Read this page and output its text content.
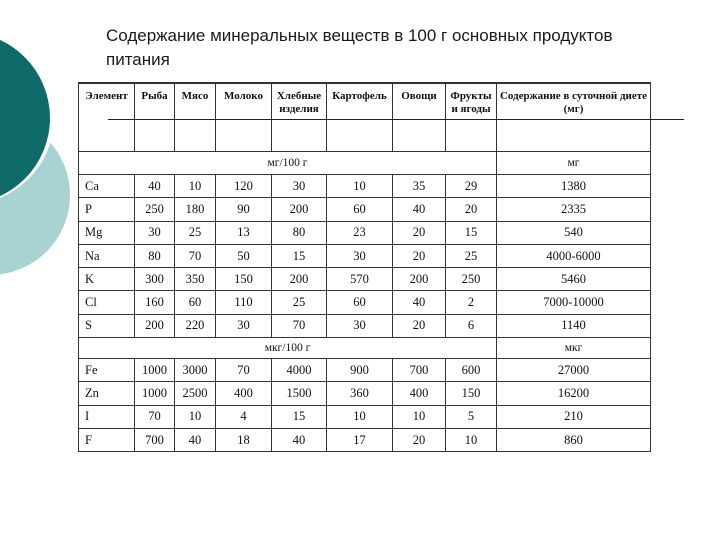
Содержание минеральных веществ в 100 г основных продуктов питания
Элемент	Рыба	Мясо	Молоко	Хлебные изделия	Картофель	Овощи	Фрукты и ягоды	Содержание в суточной диете (мг)
мг/100 г								мг
Ca	40	10	120	30	10	35	29	1380
P	250	180	90	200	60	40	20	2335
Mg	30	25	13	80	23	20	15	540
Na	80	70	50	15	30	20	25	4000-6000
K	300	350	150	200	570	200	250	5460
Cl	160	60	110	25	60	40	2	7000-10000
S	200	220	30	70	30	20	6	1140
мкг/100 г								мкг
Fe	1000	3000	70	4000	900	700	600	27000
Zn	1000	2500	400	1500	360	400	150	16200
I	70	10	4	15	10	10	5	210
F	700	40	18	40	17	20	10	860
